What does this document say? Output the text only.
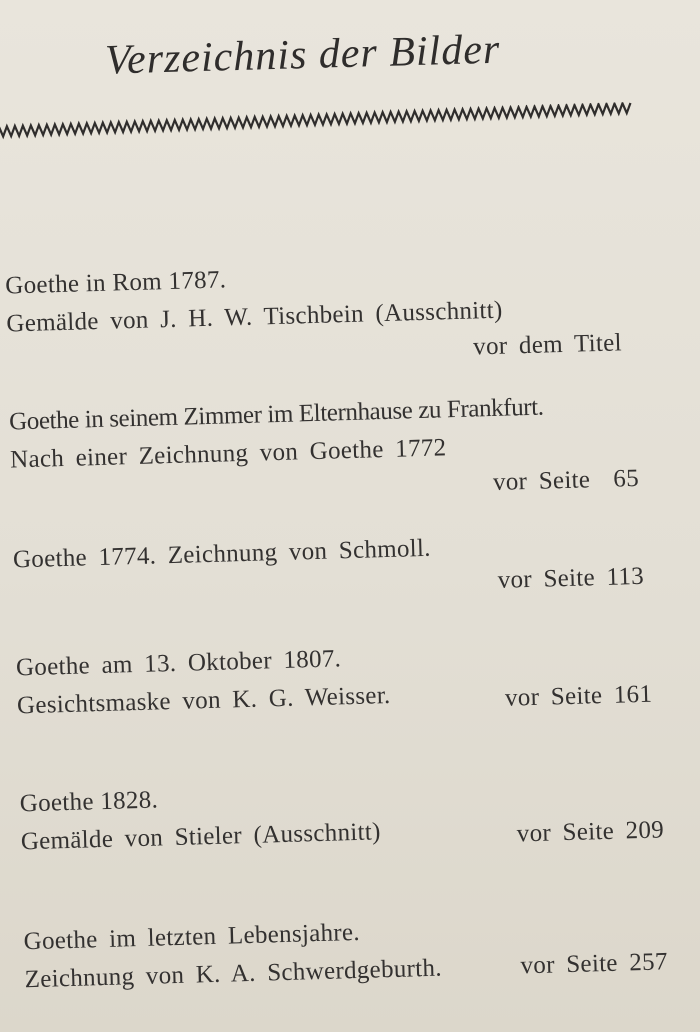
Verzeichnis der Bilder
Goethe in Rom 1787.
Gemälde von J. H. W. Tischbein (Ausschnitt)
vor dem Titel
Goethe in seinem Zimmer im Elternhause zu Frankfurt.
Nach einer Zeichnung von Goethe 1772
vor Seite  65
Goethe 1774. Zeichnung von Schmoll.
vor Seite 113
Goethe am 13. Oktober 1807.
Gesichtsmaske von K. G. Weisser.	vor Seite 161
Goethe 1828.
Gemälde von Stieler (Ausschnitt)	vor Seite 209
Goethe im letzten Lebensjahre.
Zeichnung von K. A. Schwerdgeburth.	vor Seite 257
